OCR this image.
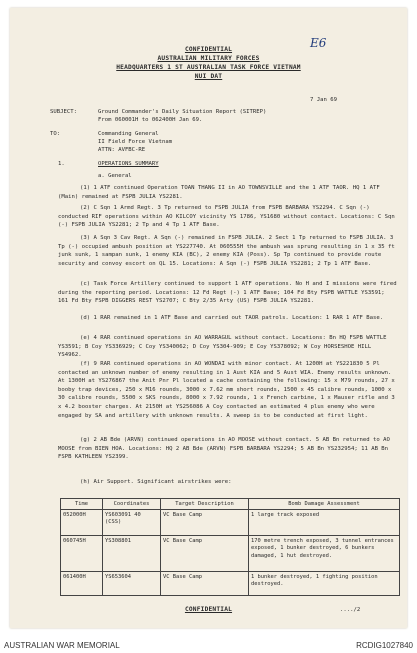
E6
CONFIDENTIAL
AUSTRALIAN MILITARY FORCES
HEADQUARTERS 1 ST AUSTRALIAN TASK FORCE VIETNAM
NUI DAT
7 Jan 69
SUBJECT:	Ground Commander's Daily Situation Report (SITREP)
From 060001H to 062400H Jan 69.
TO:	Commanding General
II Field Force Vietnam
ATTN: AVFBC-RE
1.	OPERATIONS SUMMARY
a. General
(1) 1 ATF continued Operation TOAN THANG II in AO TOWNSVILLE and the 1 ATF TAOR. HQ 1 ATF (Main) remained at FSPB JULIA YS2281.
(2) C Sqn 1 Armd Regt. 3 Tp returned to FSPB JULIA from FSPB BARBARA YS2294. C Sqn (-) conducted RIF operations within AO KILCOY vicinity YS 1786, YS1680 without contact. Locations: C Sqn (-) FSPB JULIA YS2281; 2 Tp and 4 Tp 1 ATF Base.
(3) A Sqn 3 Cav Regt. A Sqn (-) remained in FSPB JULIA. 2 Sect 1 Tp returned to FSPB JULIA. 3 Tp (-) occupied ambush position at YS227740. At 060555H the ambush was sprung resulting in 1 x 35 ft junk sunk, 1 sampan sunk, 1 enemy KIA (BC), 2 enemy KIA (Poss). Sp Tp continued to provide route security and convoy escort on QL 15. Locations: A Sqn (-) FSPB JULIA YS2281; 2 Tp 1 ATF Base.
(c) Task Force Artillery continued to support 1 ATF operations. No H and I missions were fired during the reporting period. Locations: 12 Fd Regt (-) 1 ATF Base; 104 Fd Bty FSPB WATTLE YS3591; 161 Fd Bty FSPB DIGGERS REST YS2707; C Bty 2/35 Arty (US) FSPB JULIA YS2281.
(d) 1 RAR remained in 1 ATF Base and carried out TAOR patrols. Location: 1 RAR 1 ATF Base.
(e) 4 RAR continued operations in AO WARRAGUL without contact. Locations: Bn HQ FSPB WATTLE YS3591; B Coy YS336929; C Coy YS340062; D Coy YS304-909; E Coy YS378092; W Coy HORSESHOE HILL YS4962.
(f) 9 RAR continued operations in AO WONDAI with minor contact. At 1200H at YS221830 5 Pl contacted an unknown number of enemy resulting in 1 Aust KIA and 5 Aust WIA. Enemy results unknown. At 1300H at YS276867 the Anit Pnr Pl located a cache containing the following: 15 x M79 rounds, 27 x booby trap devices, 250 x M16 rounds, 3000 x 7.62 mm short rounds, 1500 x 45 calibre rounds, 1000 x 30 calibre rounds, 5500 x SKS rounds, 8000 x 7.92 rounds, 1 x French carbine, 1 x Mauser rifle and 3 x 4.2 booster charges. At 2150H at YS256086 A Coy contacted an estimated 4 plus enemy who were engaged by SA and artillery with unknown results. A sweep is to be conducted at first light.
(g) 2 AB Bde (ARVN) continued operations in AO MOOSE without contact. 5 AB Bn returned to AO MOOSE from BIEN HOA. Locations: HQ 2 AB Bde (ARVN) FSPB BARBARA YS2294; 5 AB Bn YS232954; 11 AB Bn FSPB KATHLEEN YS2399.
(h) Air Support. Significant airstrikes were:
Time	Coordinates	Target Description	Bomb Damage Assessment
052000H	YS603091 40 (CSS)	VC Base Camp	1 large track exposed
060745H	YS308801	VC Base Camp	170 metre trench exposed, 3 tunnel entrances exposed, 1 bunker destroyed, 6 bunkers damaged, 1 hut destroyed.
061400H	YS653604	VC Base Camp	1 bunker destroyed, 1 fighting position destroyed.
CONFIDENTIAL	..../2
AUSTRALIAN WAR MEMORIAL	RCDIG1027840
